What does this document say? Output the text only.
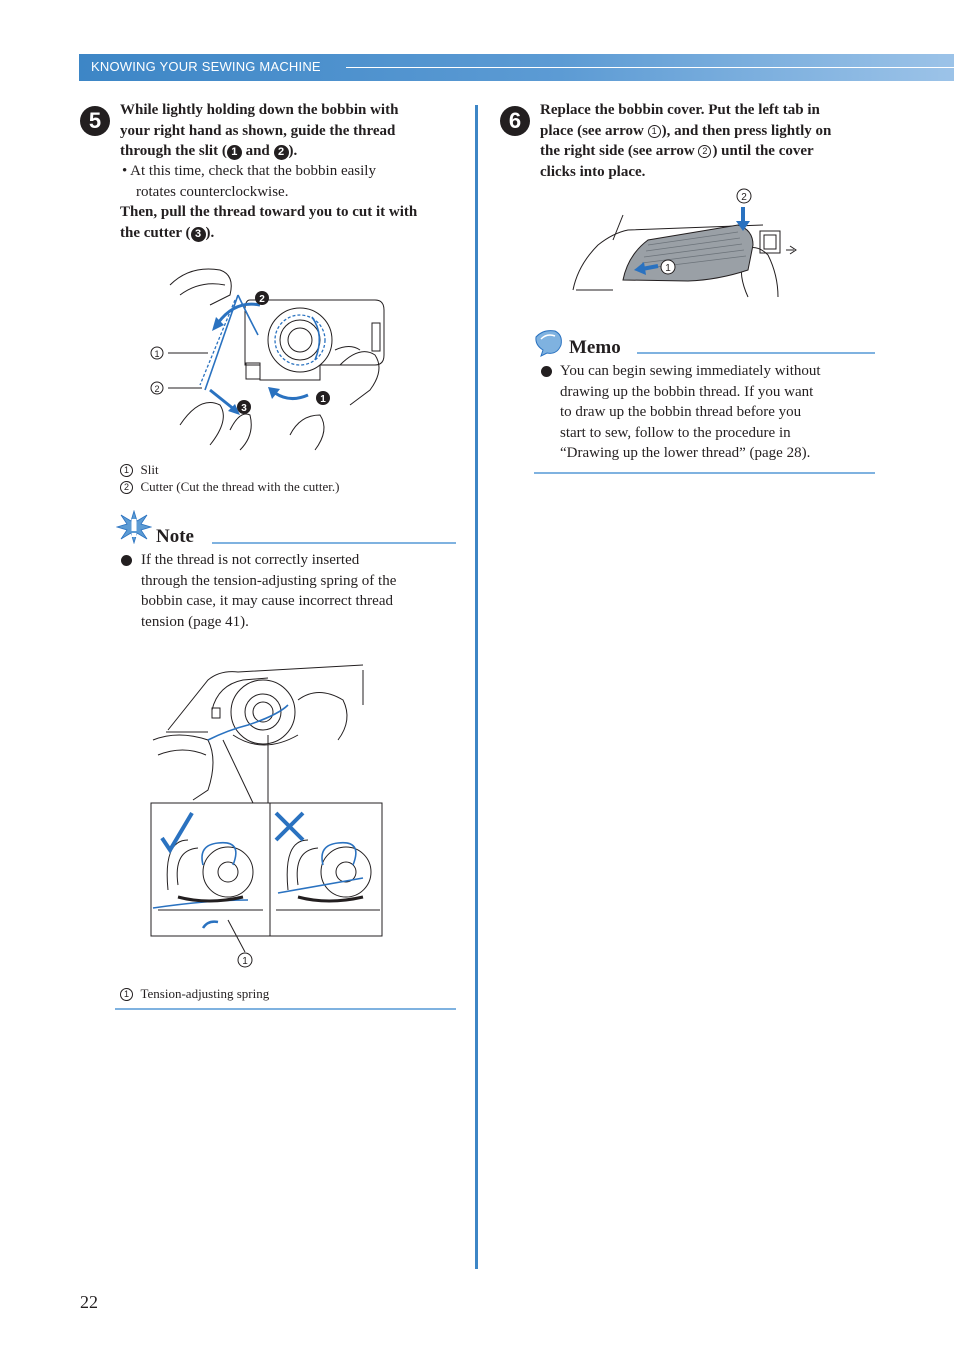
KNOWING YOUR SEWING MACHINE
5	While lightly holding down the bobbin with
your right hand as shown, guide the thread
through the slit ( 1 and 2 ).
• At this time, check that the bobbin easily
rotates counterclockwise.
Then, pull the thread toward you to cut it with
the cutter ( 3 ).
2
1
3
1
2
1 Slit
2 Cutter (Cut the thread with the cutter.)
Note
If the thread is not correctly inserted
through the tension-adjusting spring of the
bobbin case, it may cause incorrect thread
tension (page 41).
1
1 Tension-adjusting spring
6	Replace the bobbin cover. Put the left tab in
place (see arrow 1 ), and then press lightly on
the right side (see arrow 2 ) until the cover
clicks into place.
1
2
Memo
You can begin sewing immediately without
drawing up the bobbin thread. If you want
to draw up the bobbin thread before you
start to sew, follow to the procedure in
“Drawing up the lower thread” (page 28).
22
